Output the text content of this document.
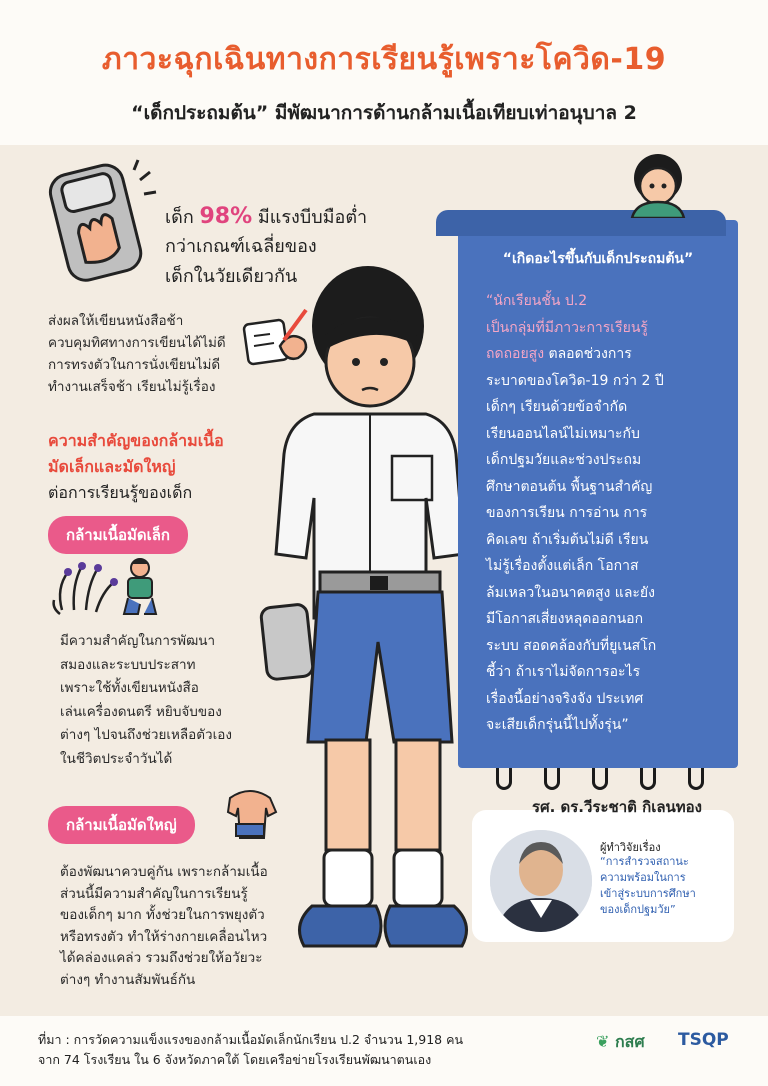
ภาวะฉุกเฉินทางการเรียนรู้เพราะโควิด-19
“เด็กประถมต้น” มีพัฒนาการด้านกล้ามเนื้อเทียบเท่าอนุบาล 2
เด็ก 98% มีแรงบีบมือต่ำ
กว่าเกณฑ์เฉลี่ยของ
เด็กในวัยเดียวกัน
ส่งผลให้เขียนหนังสือช้า
ควบคุมทิศทางการเขียนได้ไม่ดี
การทรงตัวในการนั่งเขียนไม่ดี
ทำงานเสร็จช้า เรียนไม่รู้เรื่อง
ความสำคัญของกล้ามเนื้อ
มัดเล็กและมัดใหญ่
ต่อการเรียนรู้ของเด็ก
กล้ามเนื้อมัดเล็ก
มีความสำคัญในการพัฒนา
สมองและระบบประสาท
เพราะใช้ทั้งเขียนหนังสือ
เล่นเครื่องดนตรี หยิบจับของ
ต่างๆ ไปจนถึงช่วยเหลือตัวเอง
ในชีวิตประจำวันได้
กล้ามเนื้อมัดใหญ่
ต้องพัฒนาควบคู่กัน เพราะกล้ามเนื้อ
ส่วนนี้มีความสำคัญในการเรียนรู้
ของเด็กๆ มาก ทั้งช่วยในการพยุงตัว
หรือทรงตัว ทำให้ร่างกายเคลื่อนไหว
ได้คล่องแคล่ว รวมถึงช่วยให้อวัยวะ
ต่างๆ ทำงานสัมพันธ์กัน
“เกิดอะไรขึ้นกับเด็กประถมต้น”
“นักเรียนชั้น ป.2
เป็นกลุ่มที่มีภาวะการเรียนรู้
ถดถอยสูง ตลอดช่วงการ
ระบาดของโควิด-19 กว่า 2 ปี
เด็กๆ เรียนด้วยข้อจำกัด
เรียนออนไลน์ไม่เหมาะกับ
เด็กปฐมวัยและช่วงประถม
ศึกษาตอนต้น พื้นฐานสำคัญ
ของการเรียน การอ่าน การ
คิดเลข ถ้าเริ่มต้นไม่ดี เรียน
ไม่รู้เรื่องตั้งแต่เล็ก โอกาส
ล้มเหลวในอนาคตสูง และยัง
มีโอกาสเสี่ยงหลุดออกนอก
ระบบ สอดคล้องกับที่ยูเนสโก
ชี้ว่า ถ้าเราไม่จัดการอะไร
เรื่องนี้อย่างจริงจัง ประเทศ
จะเสียเด็กรุ่นนี้ไปทั้งรุ่น”
รศ. ดร.วีระชาติ กิเลนทอง
ผู้ทำวิจัยเรื่อง
“การสำรวจสถานะ
ความพร้อมในการ
เข้าสู่ระบบการศึกษา
ของเด็กปฐมวัย”
ที่มา : การวัดความแข็งแรงของกล้ามเนื้อมัดเล็กนักเรียน ป.2 จำนวน 1,918 คน
จาก 74 โรงเรียน ใน 6 จังหวัดภาคใต้ โดยเครือข่ายโรงเรียนพัฒนาตนเอง
❦ กสศ TSQP
